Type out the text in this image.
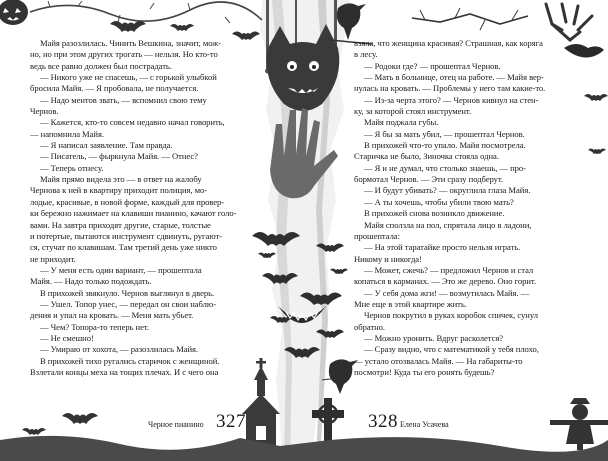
Майя разозлилась. Чинить Вешкина, значит, мож-
но, но при этом других трогать — нельзя. Но кто-то
ведь все равно должен был пострадать.
— Никого уже не спасешь, — с горькой улыбкой
бросила Майя. — Я пробовала, не получается.
— Надо ментов звать, — вспомнил свою тему
Чернов.
— Кажется, кто-то совсем недавно начал говорить,
— напомнила Майя.
— Я написал заявление. Там правда.
— Писатель, — фыркнула Майя. — Отнес?
— Теперь отнесу.
Майя прямо видела это — в ответ на жалобу
Чернова к ней в квартиру приходит полиция, мо-
лодые, красивые, в новой форме, каждый для провер-
ки бережно нажимает на клавиши пианино, качают голо-
вами. На завтра приходят другие, старые, толстые
и потертые, пытаются инструмент сдвинуть, ругают-
ся, стучат по клавишам. Там третий день уже никто
не приходит.
— У меня есть один вариант, — прошептала
Майя. — Надо только подождать.
В прихожей звякнуло. Чернов выглянул в дверь.
— Ушел. Топор унес, — передал он свои наблю-
дения и упал на кровать. — Меня мать убьет.
— Чем? Топора-то теперь нет.
— Не смешно!
— Умираю от хохота, — разозлилась Майя.
В прихожей тихо ругались старичок с женщиной.
Взлетали концы меха на тощих плечах. И с чего она
Черное пианино 327
взяла, что женщина красивая? Страшная, как коряга
в лесу.
— Родоки где? — прошептал Чернов.
— Мать в больнице, отец на работе. — Майя вер-
нулась на кровать. — Проблемы у него там какие-то.
— Из-за черта этого? — Чернов кивнул на стен-
ку, за которой стоял инструмент.
Майя поджала губы.
— Я бы за мать убил, — прошептал Чернов.
В прихожей что-то упало. Майя посмотрела.
Старичка не было, Зиночка стояла одна.
— Я и не думал, что столько знаешь, — про-
бормотал Чернов. — Эти сразу подберут.
— И будут убивать? — округлила глаза Майя.
— А ты хочешь, чтобы убили твою мать?
В прихожей снова возникло движение.
Майя сползла на пол, спрятала лицо в ладони,
прошептала:
— На этой таратайке просто нельзя играть.
Никому и никогда!
— Может, сжечь? — предложил Чернов и стал
копаться в карманах. — Это же дерево. Оно горит.
— У себя дома жги! — возмутилась Майя. —
Мне еще в этой квартире жить.
Чернов покрутил в руках коробок спичек, сунул
обратно.
— Можно уронить. Вдруг расколется?
— Сразу видно, что с математикой у тебя плохо,
— устало отозвалась Майя. — На габариты-то
посмотри! Куда ты его ронять будешь?
328 Елена Усачева
